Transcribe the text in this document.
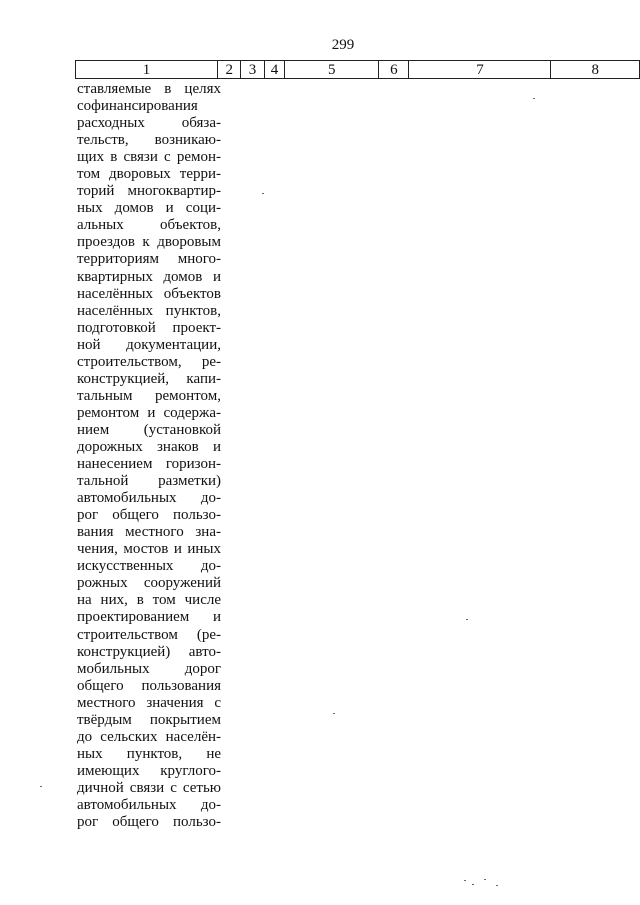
299
1	2	3	4	5	6	7	8
ставляемые в целях
софинансирования
расходных обяза-
тельств, возникаю-
щих в связи с ремон-
том дворовых терри-
торий многоквартир-
ных домов и соци-
альных объектов,
проездов к дворовым
территориям много-
квартирных домов и
населённых объектов
населённых пунктов,
подготовкой проект-
ной документации,
строительством, ре-
конструкцией, капи-
тальным ремонтом,
ремонтом и содержа-
нием (установкой
дорожных знаков и
нанесением горизон-
тальной разметки)
автомобильных до-
рог общего пользо-
вания местного зна-
чения, мостов и иных
искусственных до-
рожных сооружений
на них, в том числе
проектированием и
строительством (ре-
конструкцией) авто-
мобильных дорог
общего пользования
местного значения с
твёрдым покрытием
до сельских населён-
ных пунктов, не
имеющих круглого-
дичной связи с сетью
автомобильных до-
рог общего пользо-
